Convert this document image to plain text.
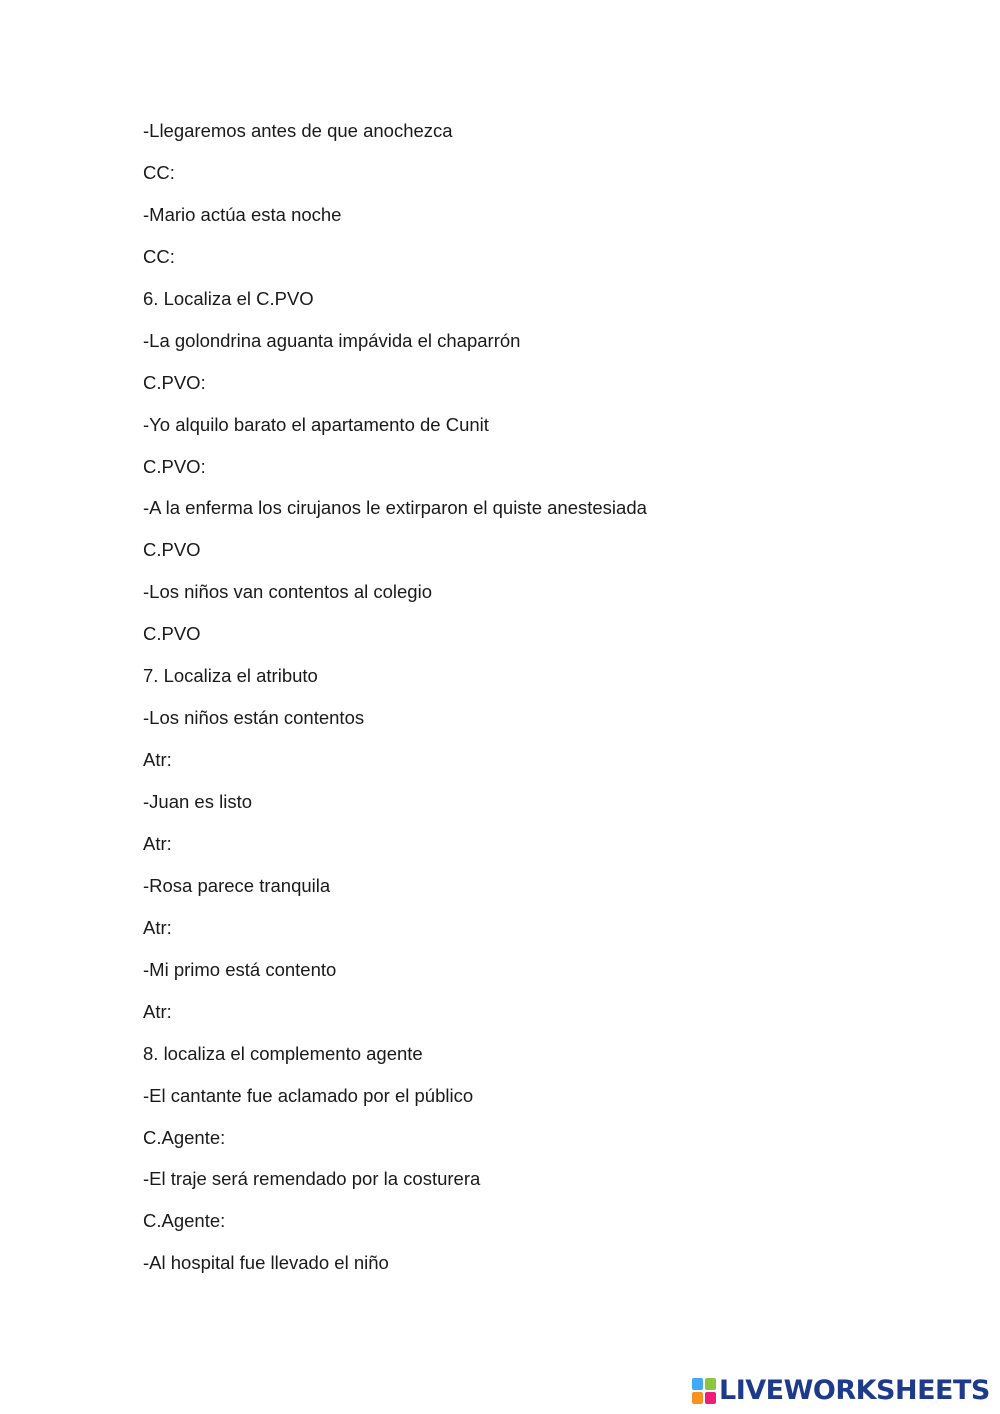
-Llegaremos antes de que anochezca
CC:
-Mario actúa esta noche
CC:
6. Localiza el C.PVO
-La golondrina aguanta impávida el chaparrón
C.PVO:
-Yo alquilo barato el apartamento de Cunit
C.PVO:
-A la enferma los cirujanos le extirparon el quiste anestesiada
C.PVO
-Los niños van contentos al colegio
C.PVO
7. Localiza el atributo
-Los niños están contentos
Atr:
-Juan es listo
Atr:
-Rosa parece tranquila
Atr:
-Mi primo está contento
Atr:
8. localiza el complemento agente
-El cantante fue aclamado por el público
C.Agente:
-El traje será remendado por la costurera
C.Agente:
-Al hospital fue llevado el niño
LIVEWORKSHEETS
